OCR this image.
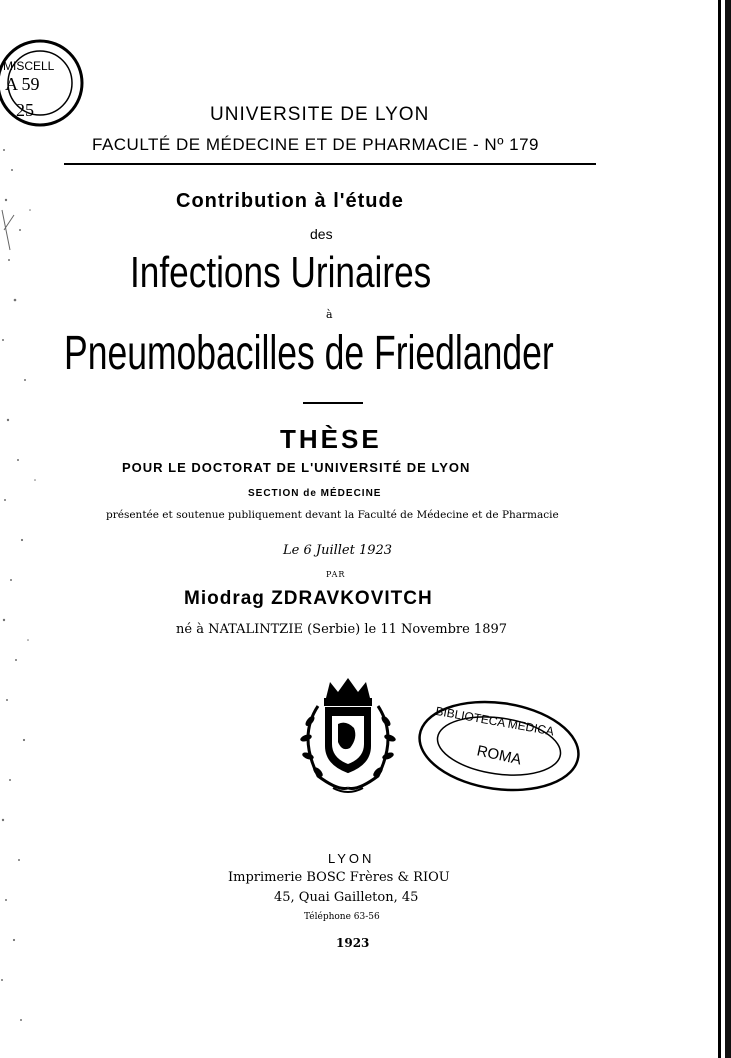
MISCELL
A 59
25	UNIVERSITE DE LYON
FACULTÉ DE MÉDECINE ET DE PHARMACIE - Nº 179
Contribution à l'étude
des
Infections Urinaires
à
Pneumobacilles de Friedlander
THÈSE
POUR LE DOCTORAT DE L'UNIVERSITÉ DE LYON
SECTION de MÉDECINE
présentée et soutenue publiquement devant la Faculté de Médecine et de Pharmacie
Le 6 Juillet 1923
PAR
Miodrag ZDRAVKOVITCH
né à NATALINTZIE (Serbie) le 11 Novembre 1897
BIBLIOTECA MEDICA
ROMA
LYON
Imprimerie BOSC Frères & RIOU
45, Quai Gailleton, 45
Téléphone 63-56
1923
